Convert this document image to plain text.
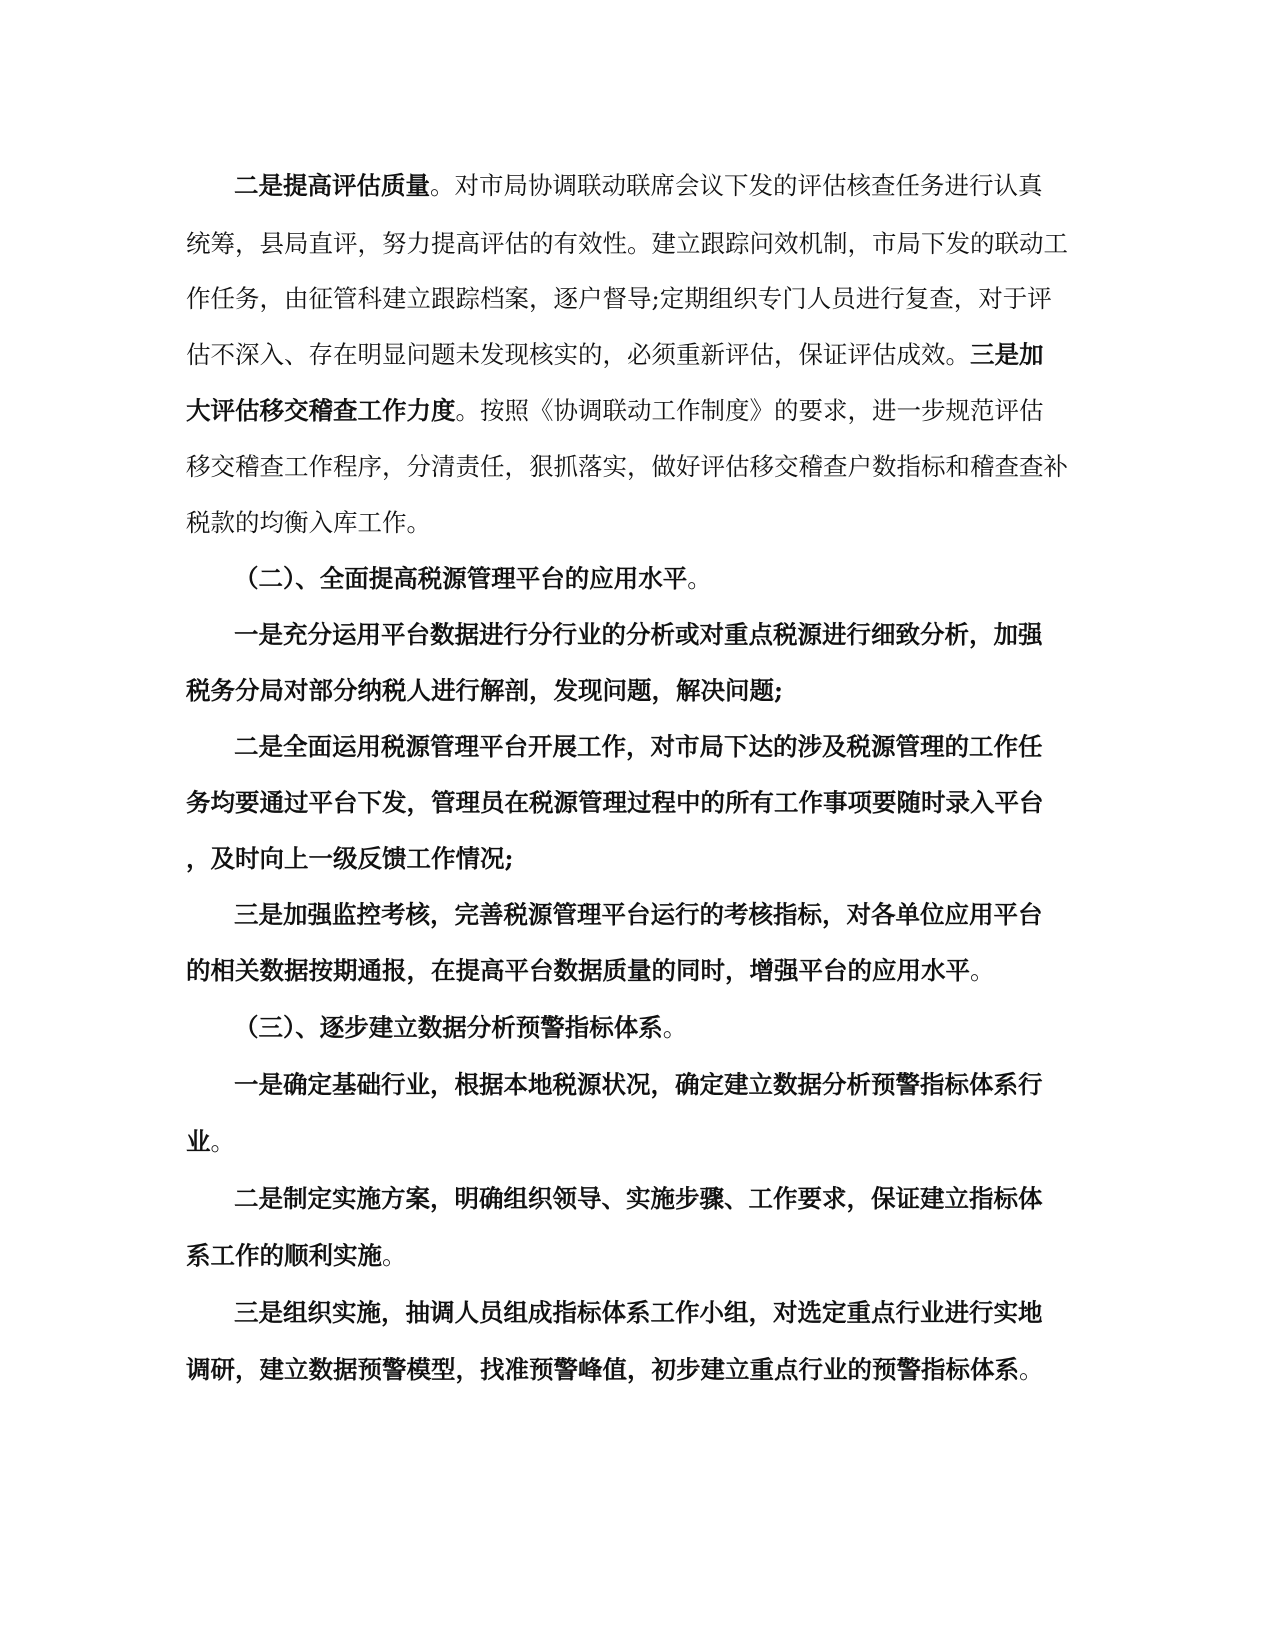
二是提高评估质量。对市局协调联动联席会议下发的评估核查任务进行认真
统筹，县局直评，努力提高评估的有效性。建立跟踪问效机制，市局下发的联动工
作任务，由征管科建立跟踪档案，逐户督导;定期组织专门人员进行复查，对于评
估不深入、存在明显问题未发现核实的，必须重新评估，保证评估成效。三是加
大评估移交稽查工作力度。按照《协调联动工作制度》的要求，进一步规范评估
移交稽查工作程序，分清责任，狠抓落实，做好评估移交稽查户数指标和稽查查补
税款的均衡入库工作。
（二）、全面提高税源管理平台的应用水平。
一是充分运用平台数据进行分行业的分析或对重点税源进行细致分析，加强
税务分局对部分纳税人进行解剖，发现问题，解决问题;
二是全面运用税源管理平台开展工作，对市局下达的涉及税源管理的工作任
务均要通过平台下发，管理员在税源管理过程中的所有工作事项要随时录入平台
，及时向上一级反馈工作情况;
三是加强监控考核，完善税源管理平台运行的考核指标，对各单位应用平台
的相关数据按期通报，在提高平台数据质量的同时，增强平台的应用水平。
（三）、逐步建立数据分析预警指标体系。
一是确定基础行业，根据本地税源状况，确定建立数据分析预警指标体系行
业。
二是制定实施方案，明确组织领导、实施步骤、工作要求，保证建立指标体
系工作的顺利实施。
三是组织实施，抽调人员组成指标体系工作小组，对选定重点行业进行实地
调研，建立数据预警模型，找准预警峰值，初步建立重点行业的预警指标体系。
